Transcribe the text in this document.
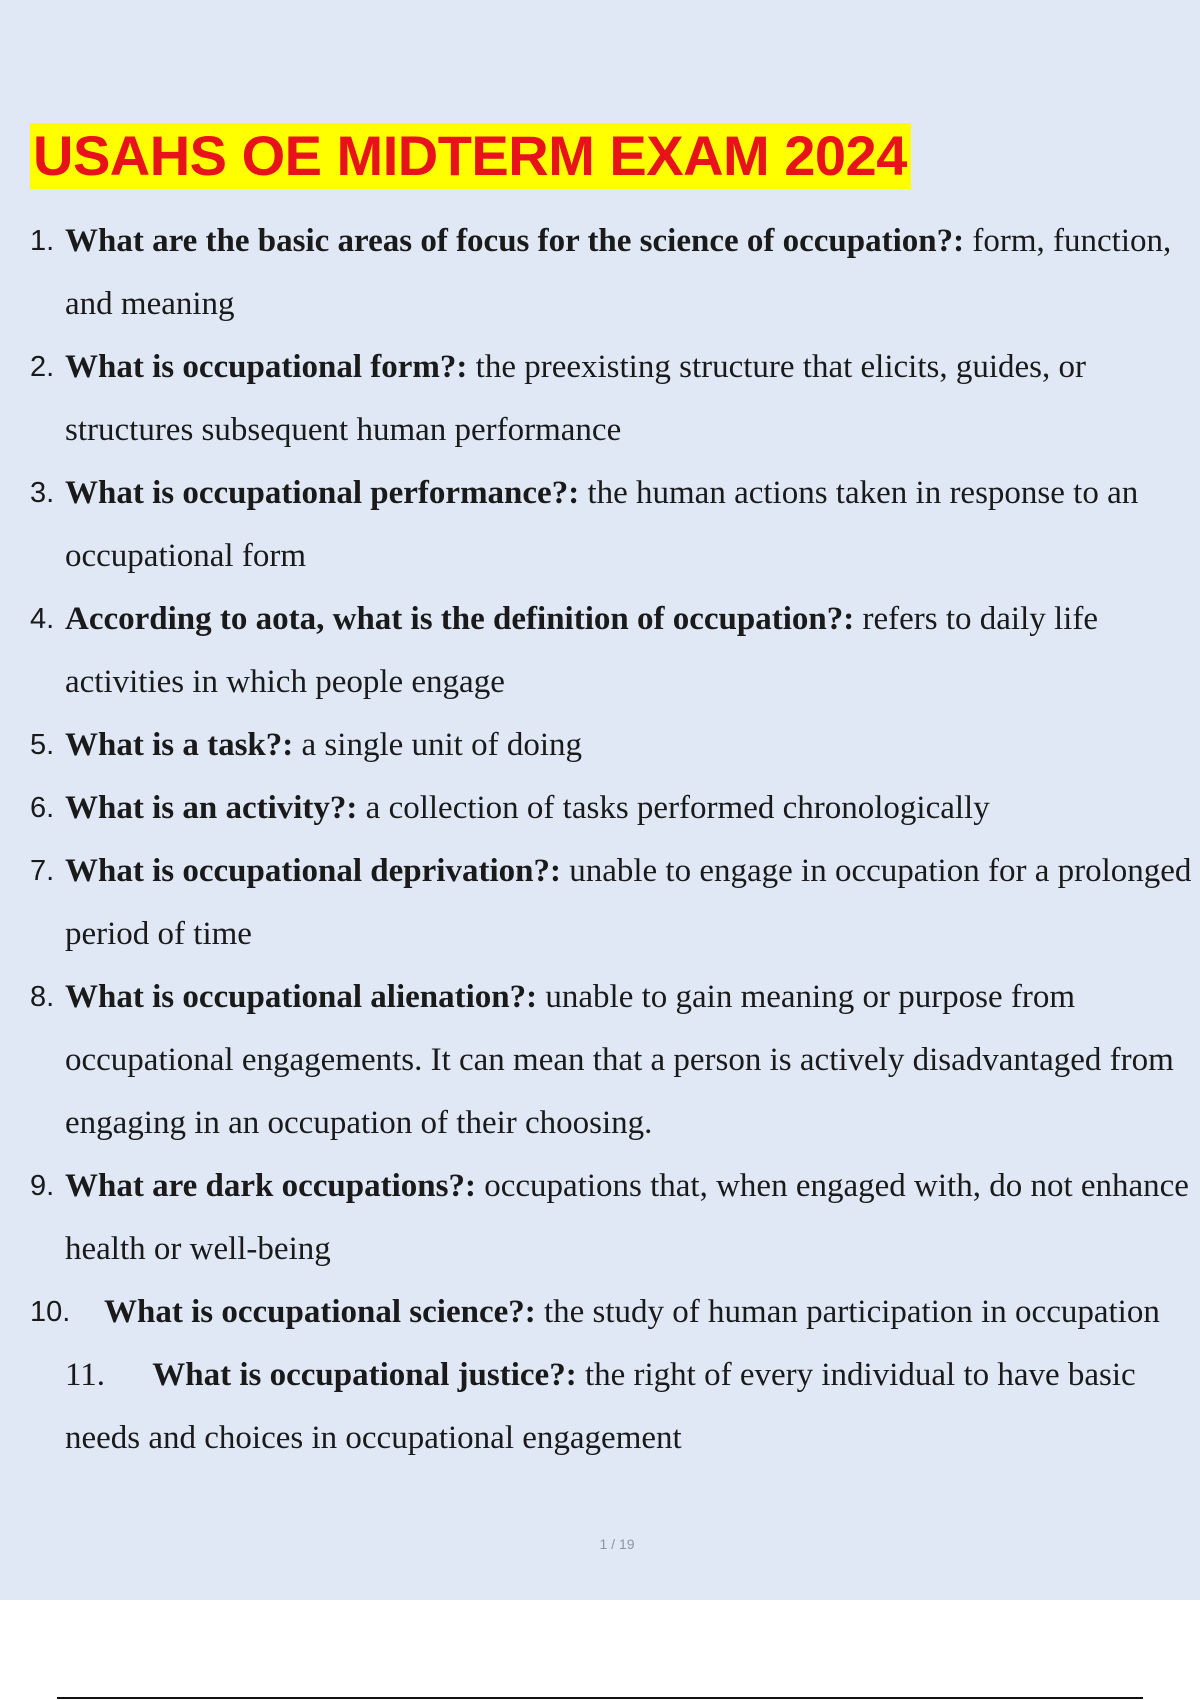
USAHS OE MIDTERM EXAM 2024
1. What are the basic areas of focus for the science of occupation?: form, function, and meaning
2. What is occupational form?: the preexisting structure that elicits, guides, or structures subsequent human performance
3. What is occupational performance?: the human actions taken in response to an occupational form
4. According to aota, what is the definition of occupation?: refers to daily life activities in which people engage
5. What is a task?: a single unit of doing
6. What is an activity?: a collection of tasks performed chronologically
7. What is occupational deprivation?: unable to engage in occupation for a prolonged period of time
8. What is occupational alienation?: unable to gain meaning or purpose from occupational engagements. It can mean that a person is actively disadvantaged from engaging in an occupation of their choosing.
9. What are dark occupations?: occupations that, when engaged with, do not enhance health or well-being
10. What is occupational science?: the study of human participation in occupation 11. What is occupational justice?: the right of every individual to have basic needs and choices in occupational engagement
1 / 19
